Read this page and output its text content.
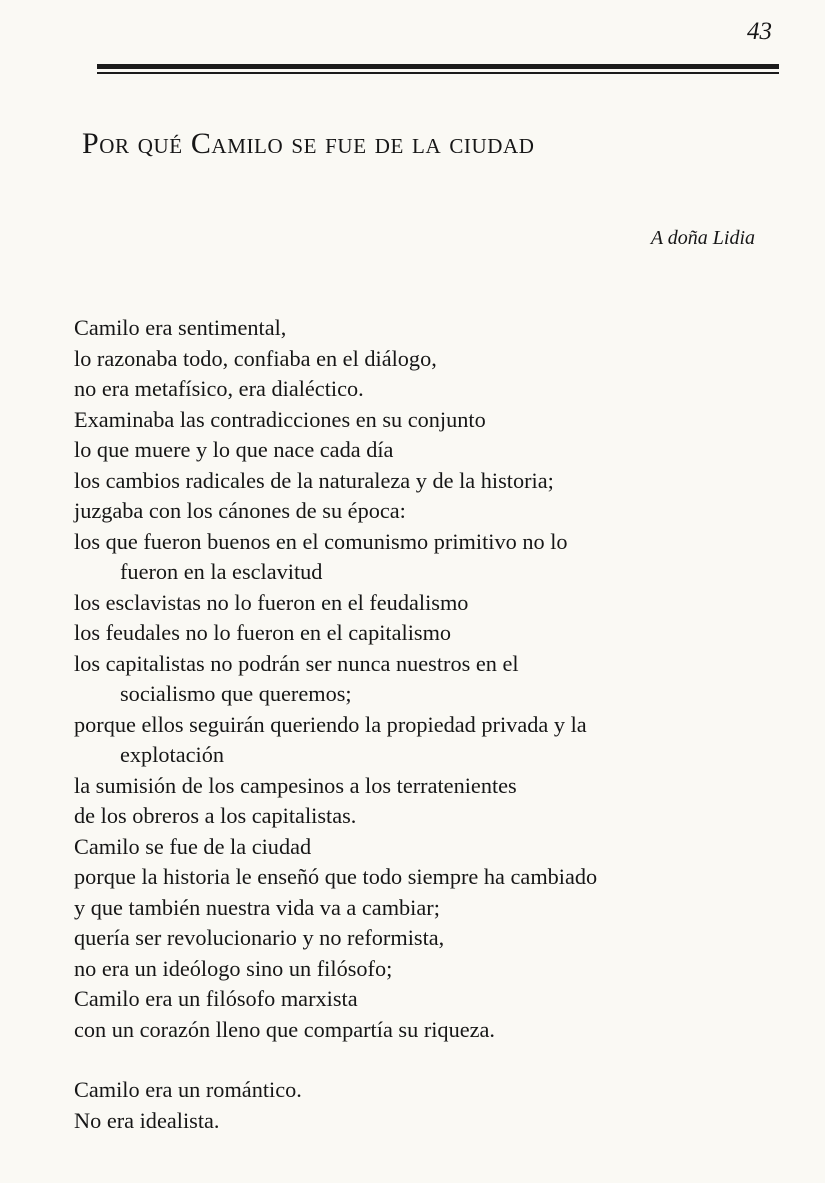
43
Por qué Camilo se fue de la ciudad
A doña Lidia
Camilo era sentimental,
lo razonaba todo, confiaba en el diálogo,
no era metafísico, era dialéctico.
Examinaba las contradicciones en su conjunto
lo que muere y lo que nace cada día
los cambios radicales de la naturaleza y de la historia;
juzgaba con los cánones de su época:
los que fueron buenos en el comunismo primitivo no lo
fueron en la esclavitud
los esclavistas no lo fueron en el feudalismo
los feudales no lo fueron en el capitalismo
los capitalistas no podrán ser nunca nuestros en el
socialismo que queremos;
porque ellos seguirán queriendo la propiedad privada y la
explotación
la sumisión de los campesinos a los terratenientes
de los obreros a los capitalistas.
Camilo se fue de la ciudad
porque la historia le enseñó que todo siempre ha cambiado
y que también nuestra vida va a cambiar;
quería ser revolucionario y no reformista,
no era un ideólogo sino un filósofo;
Camilo era un filósofo marxista
con un corazón lleno que compartía su riqueza.
Camilo era un romántico.
No era idealista.
